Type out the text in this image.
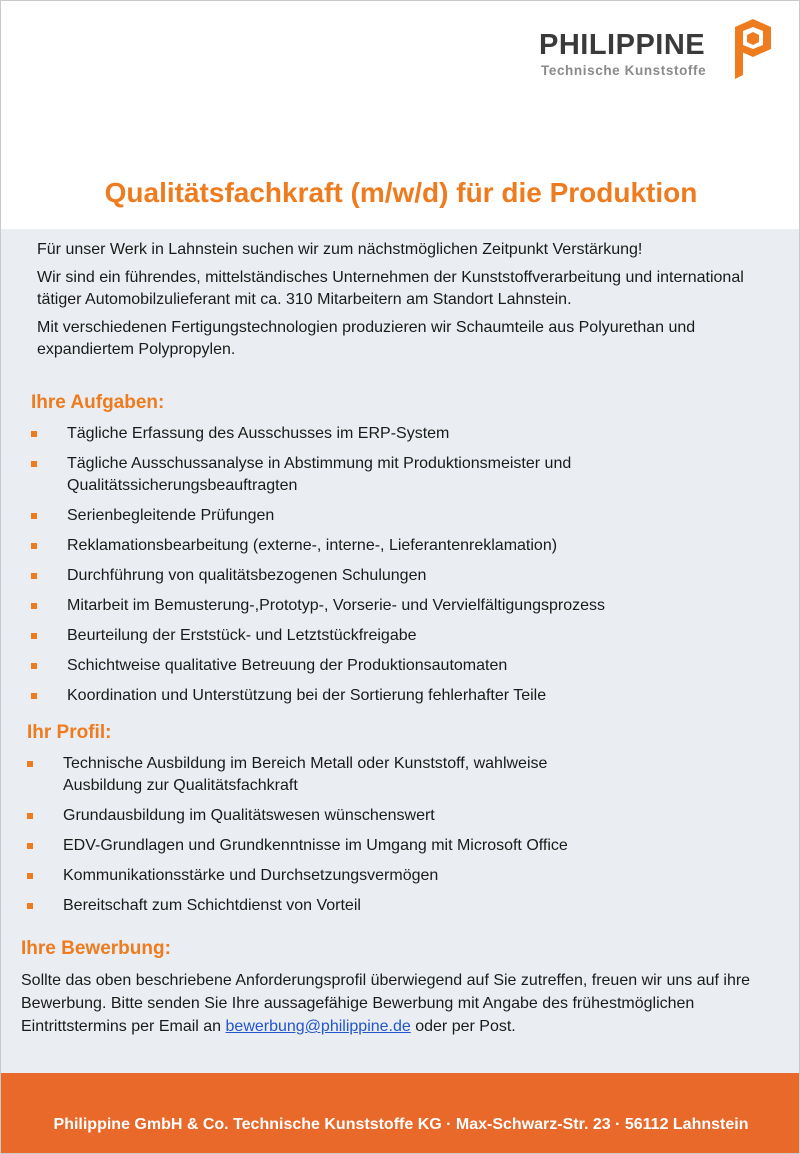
PHILIPPINE
Technische Kunststoffe
Qualitätsfachkraft (m/w/d) für die Produktion

Für unser Werk in Lahnstein suchen wir zum nächstmöglichen Zeitpunkt Verstärkung!

Wir sind ein führendes, mittelständisches Unternehmen der Kunststoffverarbeitung und international tätiger Automobilzulieferant mit ca. 310 Mitarbeitern am Standort Lahnstein.

Mit verschiedenen Fertigungstechnologien produzieren wir Schaumteile aus Polyurethan und expandiertem Polypropylen.

Ihre Aufgaben:
Tägliche Erfassung des Ausschusses im ERP-System
Tägliche Ausschussanalyse in Abstimmung mit Produktionsmeister und Qualitätssicherungsbeauftragten
Serienbegleitende Prüfungen
Reklamationsbearbeitung (externe-, interne-, Lieferantenreklamation)
Durchführung von qualitätsbezogenen Schulungen
Mitarbeit im Bemusterung-,Prototyp-, Vorserie- und Vervielfältigungsprozess
Beurteilung der Erststück- und Letztstückfreigabe
Schichtweise qualitative Betreuung der Produktionsautomaten
Koordination und Unterstützung bei der Sortierung fehlerhafter Teile
Ihr Profil:
Technische Ausbildung im Bereich Metall oder Kunststoff, wahlweise Ausbildung zur Qualitätsfachkraft
Grundausbildung im Qualitätswesen wünschenswert
EDV-Grundlagen und Grundkenntnisse im Umgang mit Microsoft Office
Kommunikationsstärke und Durchsetzungsvermögen
Bereitschaft zum Schichtdienst von Vorteil
Ihre Bewerbung:

Sollte das oben beschriebene Anforderungsprofil überwiegend auf Sie zutreffen, freuen wir uns auf ihre Bewerbung. Bitte senden Sie Ihre aussagefähige Bewerbung mit Angabe des frühestmöglichen Eintrittstermins per Email an bewerbung@philippine.de oder per Post.

Philippine GmbH & Co. Technische Kunststoffe KG · Max-Schwarz-Str. 23 · 56112 Lahnstein
